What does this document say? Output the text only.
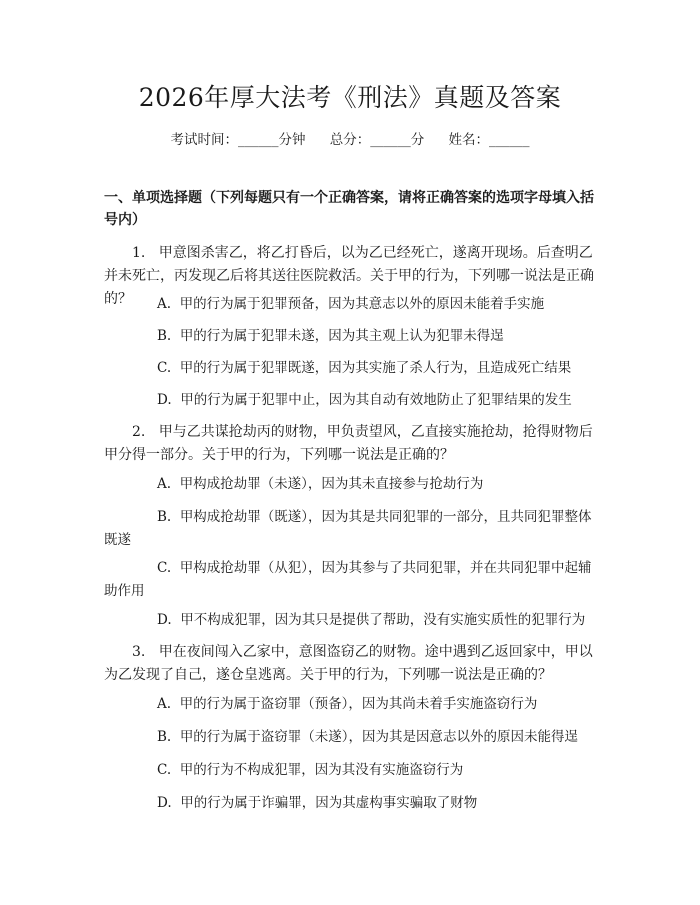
2026年厚大法考《刑法》真题及答案
考试时间：______分钟 总分：______分 姓名：______
一、单项选择题（下列每题只有一个正确答案，请将正确答案的选项字母填入括号内）
1. 甲意图杀害乙，将乙打昏后，以为乙已经死亡，遂离开现场。后查明乙并未死亡，丙发现乙后将其送往医院救活。关于甲的行为，下列哪一说法是正确的？	A. 甲的行为属于犯罪预备，因为其意志以外的原因未能着手实施
B. 甲的行为属于犯罪未遂，因为其主观上认为犯罪未得逞
C. 甲的行为属于犯罪既遂，因为其实施了杀人行为，且造成死亡结果
D. 甲的行为属于犯罪中止，因为其自动有效地防止了犯罪结果的发生
2. 甲与乙共谋抢劫丙的财物，甲负责望风，乙直接实施抢劫，抢得财物后甲分得一部分。关于甲的行为，下列哪一说法是正确的？
A. 甲构成抢劫罪（未遂），因为其未直接参与抢劫行为
B. 甲构成抢劫罪（既遂），因为其是共同犯罪的一部分，且共同犯罪整体既遂
C. 甲构成抢劫罪（从犯），因为其参与了共同犯罪，并在共同犯罪中起辅助作用
D. 甲不构成犯罪，因为其只是提供了帮助，没有实施实质性的犯罪行为
3. 甲在夜间闯入乙家中，意图盗窃乙的财物。途中遇到乙返回家中，甲以为乙发现了自己，遂仓皇逃离。关于甲的行为，下列哪一说法是正确的？
A. 甲的行为属于盗窃罪（预备），因为其尚未着手实施盗窃行为
B. 甲的行为属于盗窃罪（未遂），因为其是因意志以外的原因未能得逞
C. 甲的行为不构成犯罪，因为其没有实施盗窃行为
D. 甲的行为属于诈骗罪，因为其虚构事实骗取了财物
